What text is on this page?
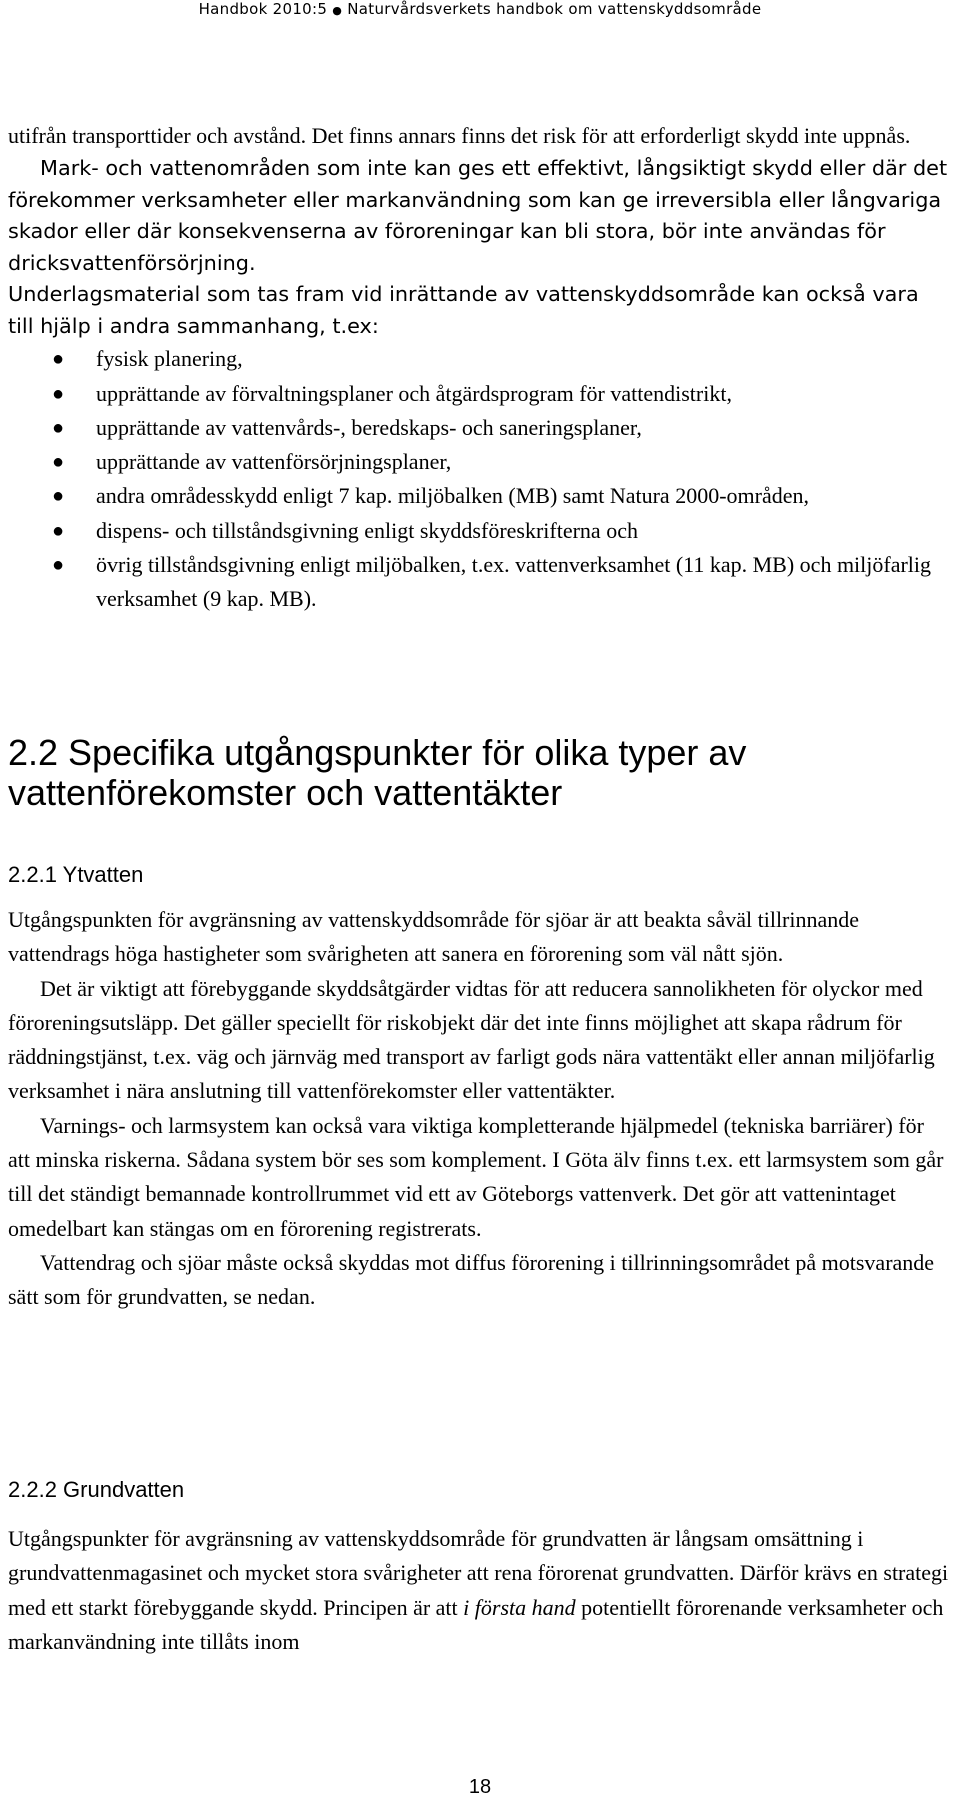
Handbok 2010:5 ● Naturvårdsverkets handbok om vattenskyddsområde

utifrån transporttider och avstånd. Det finns annars finns det risk för att erforderligt skydd inte uppnås.

Mark- och vattenområden som inte kan ges ett effektivt, långsiktigt skydd eller där det förekommer verksamheter eller markanvändning som kan ge irreversibla eller långvariga skador eller där konsekvenserna av föroreningar kan bli stora, bör inte användas för dricksvattenförsörjning.

Underlagsmaterial som tas fram vid inrättande av vattenskyddsområde kan också vara till hjälp i andra sammanhang, t.ex:

● fysisk planering,
● upprättande av förvaltningsplaner och åtgärdsprogram för vattendistrikt,
● upprättande av vattenvårds-, beredskaps- och saneringsplaner,
● upprättande av vattenförsörjningsplaner,
● andra områdesskydd enligt 7 kap. miljöbalken (MB) samt Natura 2000-områden,
● dispens- och tillståndsgivning enligt skyddsföreskrifterna och
● övrig tillståndsgivning enligt miljöbalken, t.ex. vattenverksamhet (11 kap. MB) och miljöfarlig verksamhet (9 kap. MB).
2.2 Specifika utgångspunkter för olika typer av vattenförekomster och vattentäkter
2.2.1 Ytvatten

Utgångspunkten för avgränsning av vattenskyddsområde för sjöar är att beakta såväl tillrinnande vattendrags höga hastigheter som svårigheten att sanera en förorening som väl nått sjön.

Det är viktigt att förebyggande skyddsåtgärder vidtas för att reducera sannolikheten för olyckor med föroreningsutsläpp. Det gäller speciellt för riskobjekt där det inte finns möjlighet att skapa rådrum för räddningstjänst, t.ex. väg och järnväg med transport av farligt gods nära vattentäkt eller annan miljöfarlig verksamhet i nära anslutning till vattenförekomster eller vattentäkter.

Varnings- och larmsystem kan också vara viktiga kompletterande hjälpmedel (tekniska barriärer) för att minska riskerna. Sådana system bör ses som komplement. I Göta älv finns t.ex. ett larmsystem som går till det ständigt bemannade kontrollrummet vid ett av Göteborgs vattenverk. Det gör att vattenintaget omedelbart kan stängas om en förorening registrerats.

Vattendrag och sjöar måste också skyddas mot diffus förorening i tillrinningsområdet på motsvarande sätt som för grundvatten, se nedan.

2.2.2 Grundvatten

Utgångspunkter för avgränsning av vattenskyddsområde för grundvatten är långsam omsättning i grundvattenmagasinet och mycket stora svårigheter att rena förorenat grundvatten. Därför krävs en strategi med ett starkt förebyggande skydd. Principen är att i första hand potentiellt förorenande verksamheter och markanvändning inte tillåts inom

18
